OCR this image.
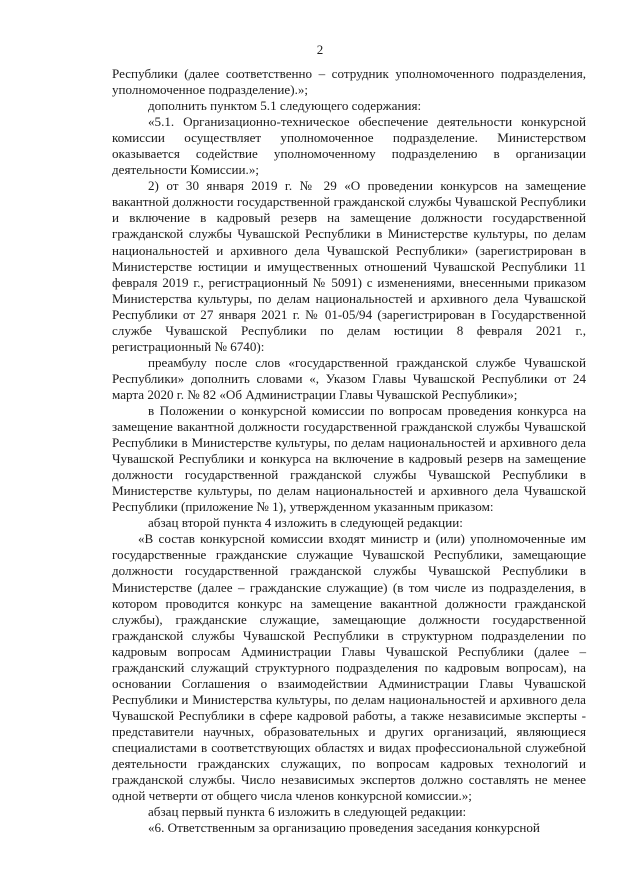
2

Республики (далее соответственно – сотрудник уполномоченного подразделения, уполномоченное подразделение).»;

дополнить пунктом 5.1 следующего содержания:

«5.1. Организационно-техническое обеспечение деятельности конкурсной комиссии осуществляет уполномоченное подразделение. Министерством оказывается содействие уполномоченному подразделению в организации деятельности Комиссии.»;

2) от 30 января 2019 г. № 29 «О проведении конкурсов на замещение вакантной должности государственной гражданской службы Чувашской Республики и включение в кадровый резерв на замещение должности государственной гражданской службы Чувашской Республики в Министерстве культуры, по делам национальностей и архивного дела Чувашской Республики» (зарегистрирован в Министерстве юстиции и имущественных отношений Чувашской Республики 11 февраля 2019 г., регистрационный № 5091) с изменениями, внесенными приказом Министерства культуры, по делам национальностей и архивного дела Чувашской Республики от 27 января 2021 г. № 01-05/94 (зарегистрирован в Государственной службе Чувашской Республики по делам юстиции 8 февраля 2021 г., регистрационный № 6740):

преамбулу после слов «государственной гражданской службе Чувашской Республики» дополнить словами «, Указом Главы Чувашской Республики от 24 марта 2020 г. № 82 «Об Администрации Главы Чувашской Республики»;

в Положении о конкурсной комиссии по вопросам проведения конкурса на замещение вакантной должности государственной гражданской службы Чувашской Республики в Министерстве культуры, по делам национальностей и архивного дела Чувашской Республики и конкурса на включение в кадровый резерв на замещение должности государственной гражданской службы Чувашской Республики в Министерстве культуры, по делам национальностей и архивного дела Чувашской Республики (приложение № 1), утвержденном указанным приказом:

абзац второй пункта 4 изложить в следующей редакции:

«В состав конкурсной комиссии входят министр и (или) уполномоченные им государственные гражданские служащие Чувашской Республики, замещающие должности государственной гражданской службы Чувашской Республики в Министерстве (далее – гражданские служащие) (в том числе из подразделения, в котором проводится конкурс на замещение вакантной должности гражданской службы), гражданские служащие, замещающие должности государственной гражданской службы Чувашской Республики в структурном подразделении по кадровым вопросам Администрации Главы Чувашской Республики (далее – гражданский служащий структурного подразделения по кадровым вопросам), на основании Соглашения о взаимодействии Администрации Главы Чувашской Республики и Министерства культуры, по делам национальностей и архивного дела Чувашской Республики в сфере кадровой работы, а также независимые эксперты - представители научных, образовательных и других организаций, являющиеся специалистами в соответствующих областях и видах профессиональной служебной деятельности гражданских служащих, по вопросам кадровых технологий и гражданской службы. Число независимых экспертов должно составлять не менее одной четверти от общего числа членов конкурсной комиссии.»;

абзац первый пункта 6 изложить в следующей редакции:

«6. Ответственным за организацию проведения заседания конкурсной
